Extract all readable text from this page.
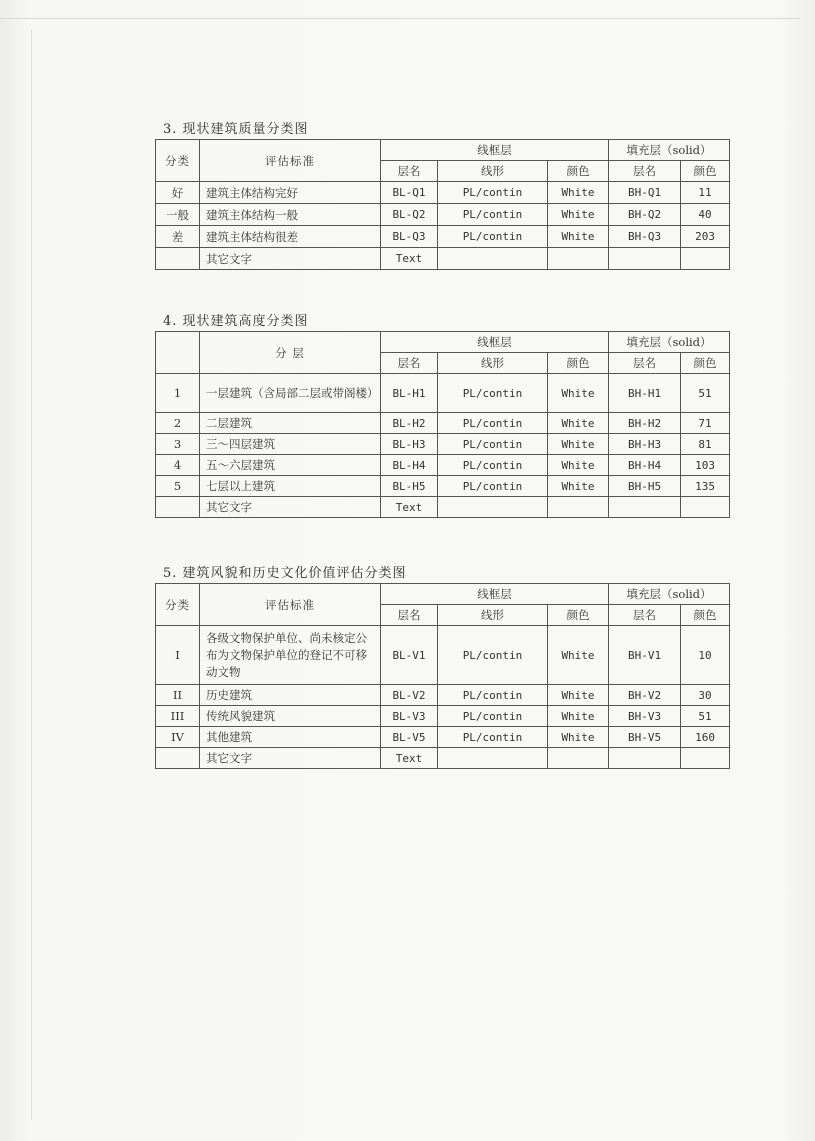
3. 现状建筑质量分类图
分类	评估标准	线框层			填充层（solid）	
		层名	线形	颜色	层名	颜色
好	建筑主体结构完好	BL-Q1	PL/contin	White	BH-Q1	11
一般	建筑主体结构一般	BL-Q2	PL/contin	White	BH-Q2	40
差	建筑主体结构很差	BL-Q3	PL/contin	White	BH-Q3	203
	其它文字	Text				
4. 现状建筑高度分类图
	分 层	线框层			填充层（solid）	
		层名	线形	颜色	层名	颜色
1	一层建筑（含局部二层或带阁楼）	BL-H1	PL/contin	White	BH-H1	51
2	二层建筑	BL-H2	PL/contin	White	BH-H2	71
3	三～四层建筑	BL-H3	PL/contin	White	BH-H3	81
4	五～六层建筑	BL-H4	PL/contin	White	BH-H4	103
5	七层以上建筑	BL-H5	PL/contin	White	BH-H5	135
	其它文字	Text				
5. 建筑风貌和历史文化价值评估分类图
分类	评估标准	线框层			填充层（solid）	
		层名	线形	颜色	层名	颜色
I	各级文物保护单位、尚未核定公布为文物保护单位的登记不可移动文物	BL-V1	PL/contin	White	BH-V1	10
II	历史建筑	BL-V2	PL/contin	White	BH-V2	30
III	传统风貌建筑	BL-V3	PL/contin	White	BH-V3	51
IV	其他建筑	BL-V5	PL/contin	White	BH-V5	160
	其它文字	Text				
